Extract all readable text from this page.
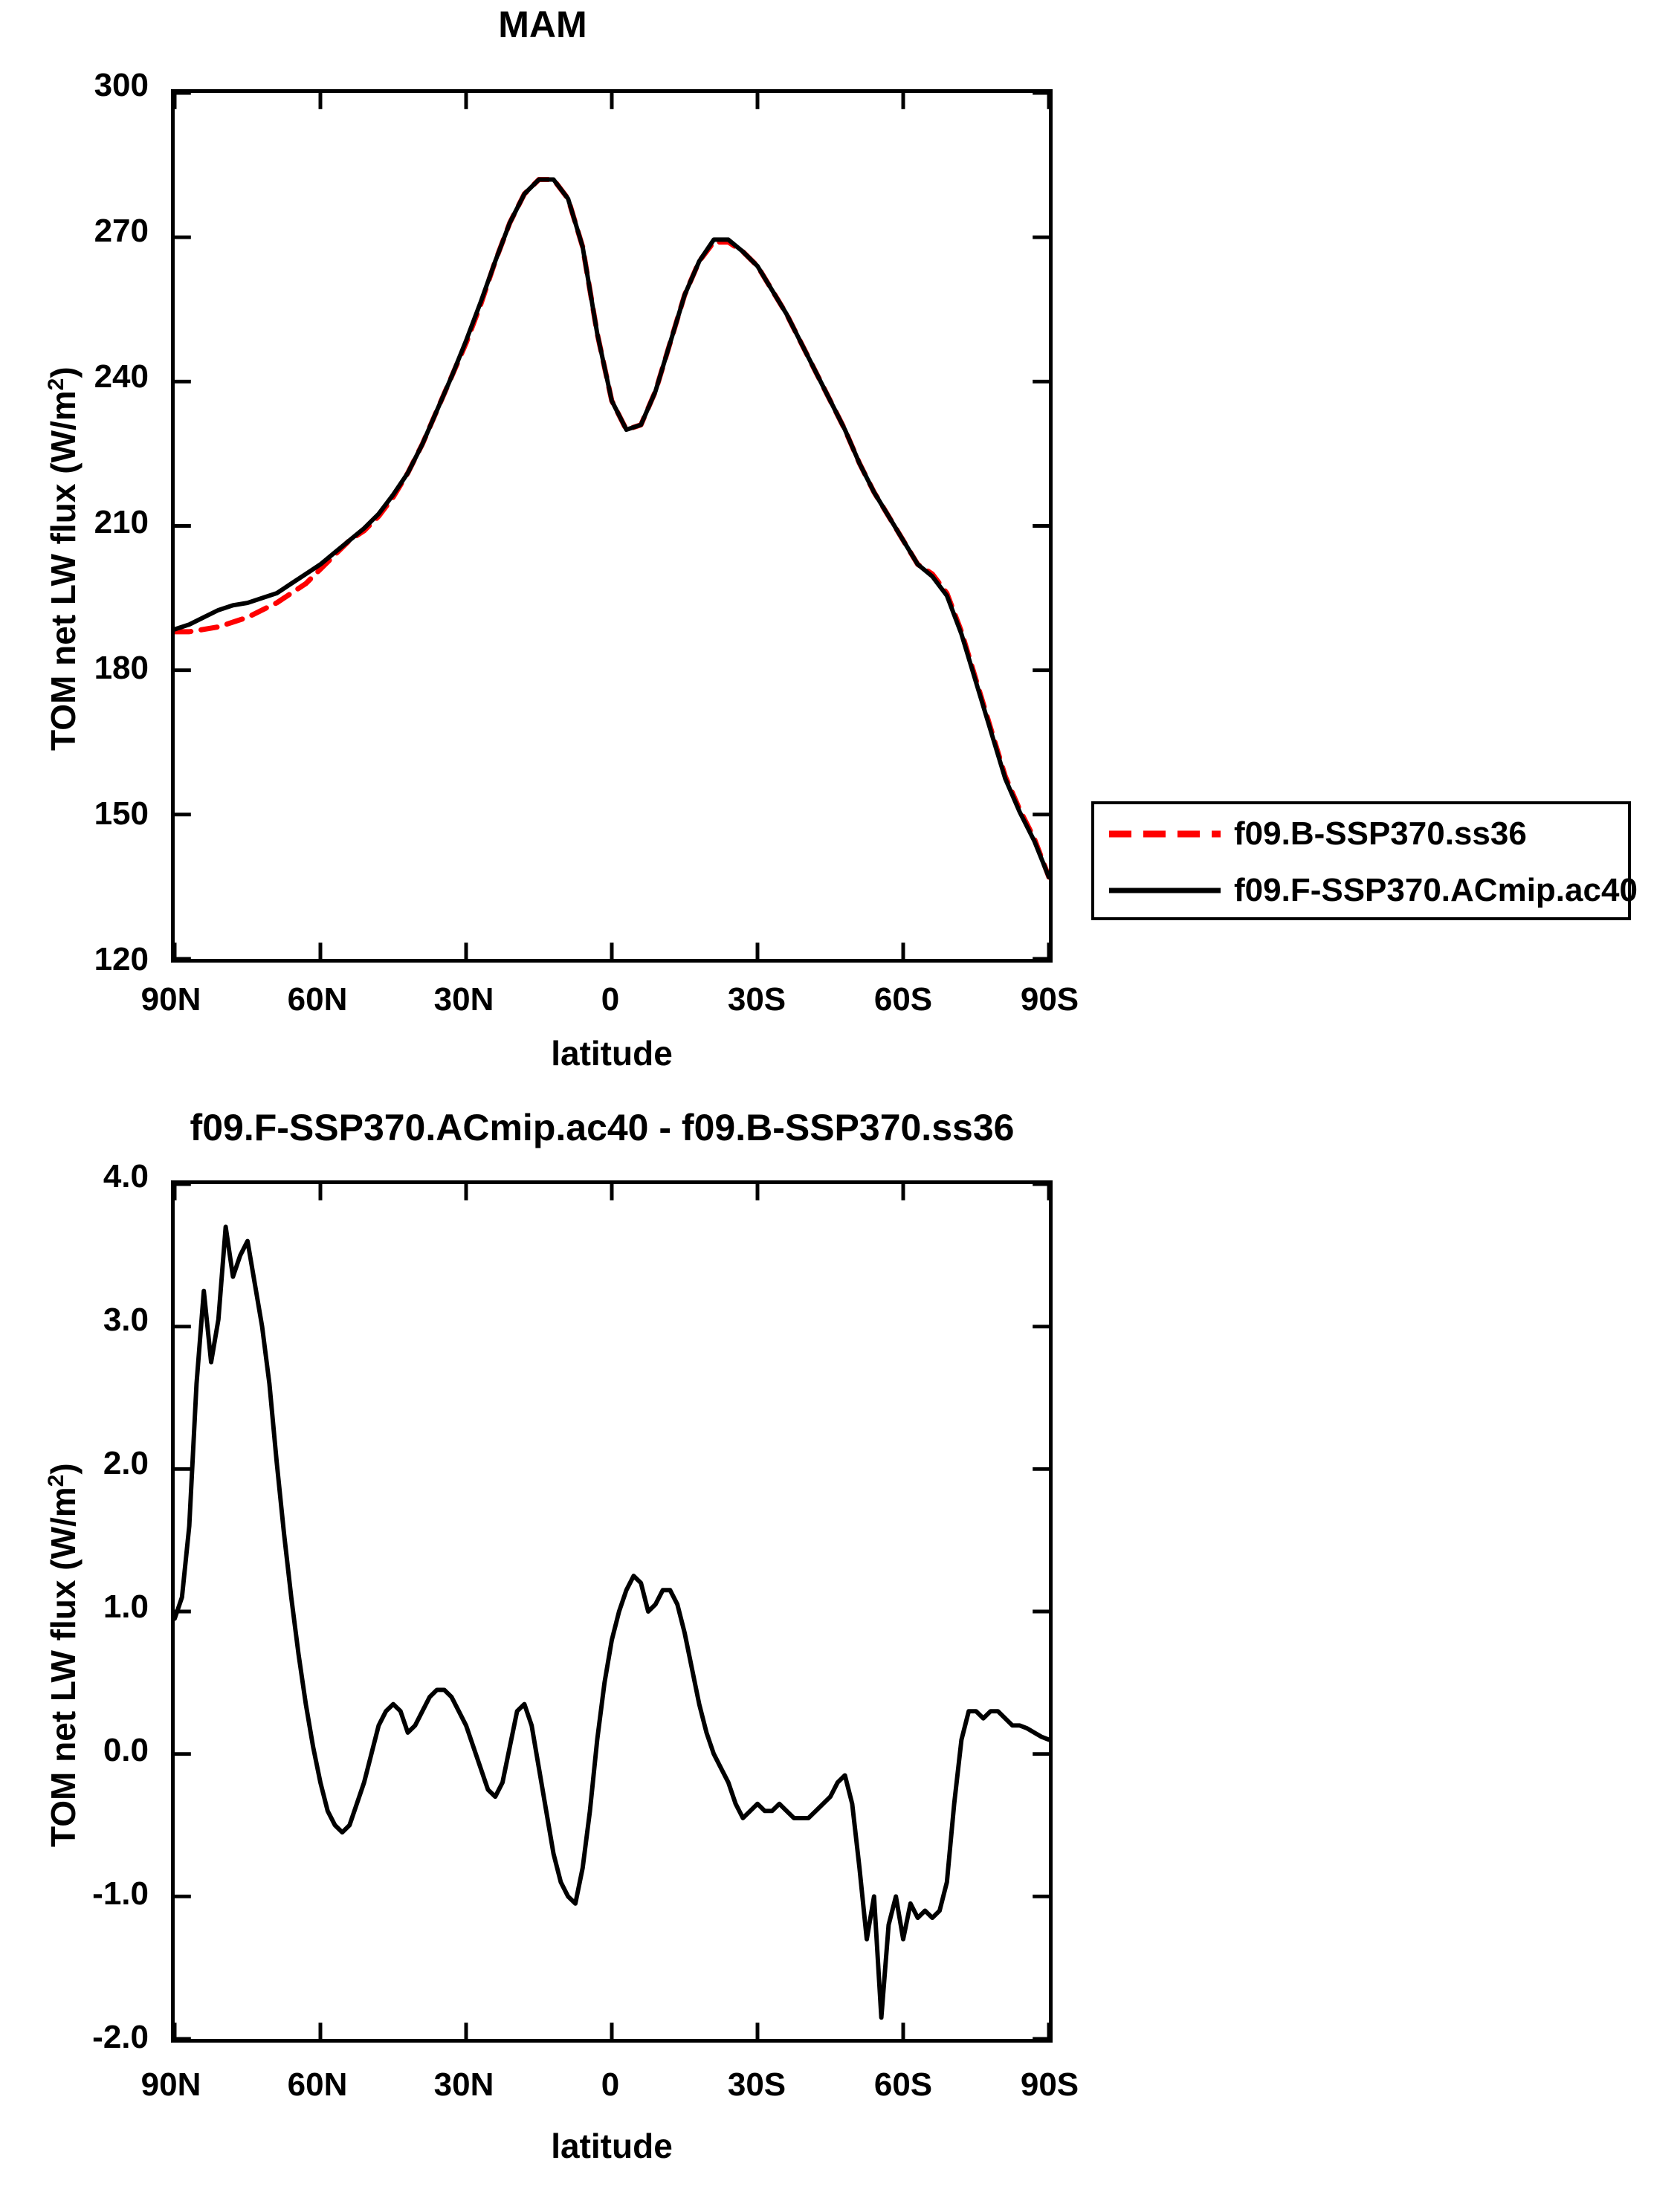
MAM
300
270
240
210
180
150
120
90N	60N	30N	0	30S	60S	90S
latitude
TOM net LW flux $(W/m^2)$
f09.B-SSP370.ss36
f09.F-SSP370.ACmip.ac40
f09.F-SSP370.ACmip.ac40 - f09.B-SSP370.ss36
4.0
3.0
2.0
1.0
0.0
-1.0
-2.0
90N	60N	30N	0	30S	60S	90S
latitude
TOM net LW flux $(W/m^2)$
